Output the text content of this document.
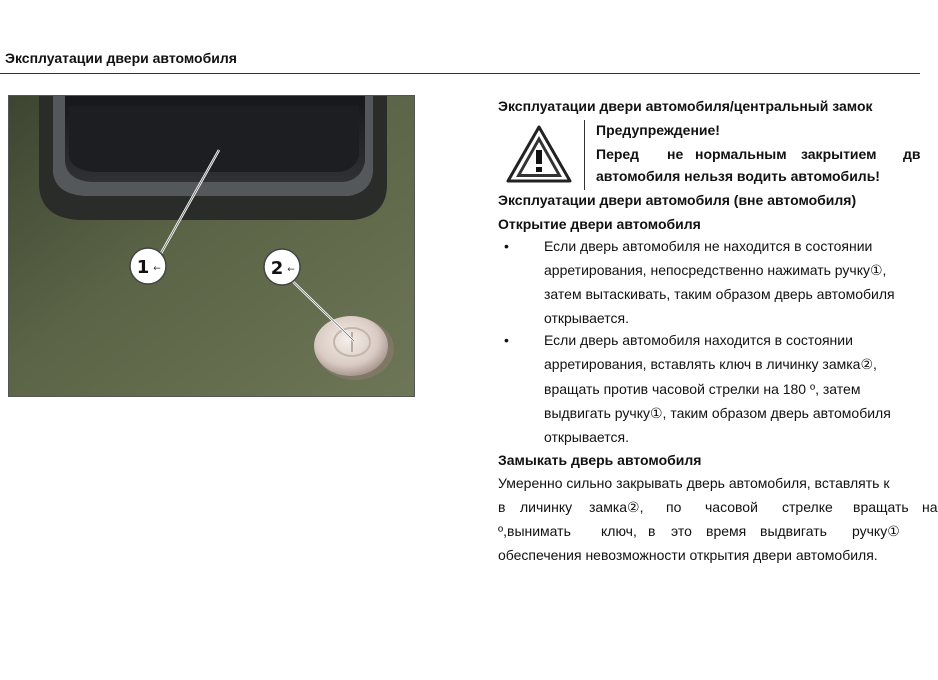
Эксплуатации двери автомобиля
1 ←	2 ←
Эксплуатации двери автомобиля/центральный замок
Предупреждение!
Перед не нормальным закрытием дв
автомобиля нельзя водить автомобиль!
Эксплуатации двери автомобиля (вне автомобиля)
Открытие двери автомобиля
•	Если дверь автомобиля не находится в состоянии
арретирования, непосредственно нажимать ручку①,
затем вытаскивать, таким образом дверь автомобиля
открывается.
•	Если дверь автомобиля находится в состоянии
арретирования, вставлять ключ в личинку замка②,
вращать против часовой стрелки на 180 º, затем
выдвигать ручку①, таким образом дверь автомобиля
открывается.
Замыкать дверь автомобиля
Умеренно сильно закрывать дверь автомобиля, вставлять к
в личинку замка②, по часовой стрелке вращать на
º,вынимать ключ, в это время выдвигать ручку①
обеспечения невозможности открытия двери автомобиля.
